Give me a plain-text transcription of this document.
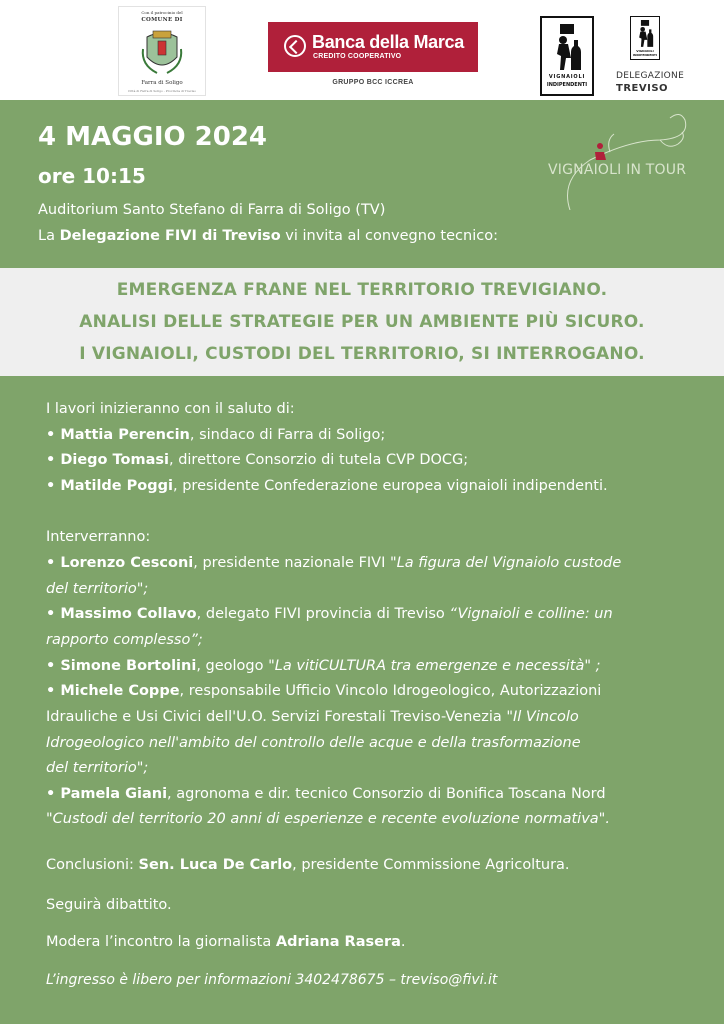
Con il patrocinio del
COMUNE DI
Farra di Soligo
Città di Farra di Soligo - Provincia di Treviso
Banca della Marca
CREDITO COOPERATIVO
GRUPPO BCC ICCREA
VIGNAIOLI
INDIPENDENTI
VIGNAIOLI
INDIPENDENTI
DELEGAZIONE
TREVISO
4 MAGGIO 2024
ore 10:15
Auditorium Santo Stefano di Farra di Soligo (TV)
La Delegazione FIVI di Treviso vi invita al convegno tecnico:
VIGNAIOLI IN TOUR
EMERGENZA FRANE NEL TERRITORIO TREVIGIANO.
ANALISI DELLE STRATEGIE PER UN AMBIENTE PIÙ SICURO.
I VIGNAIOLI, CUSTODI DEL TERRITORIO, SI INTERROGANO.
I lavori inizieranno con il saluto di:
• Mattia Perencin, sindaco di Farra di Soligo;
• Diego Tomasi, direttore Consorzio di tutela CVP DOCG;
• Matilde Poggi, presidente Confederazione europea vignaioli indipendenti.
Interverranno:
• Lorenzo Cesconi, presidente nazionale FIVI "La figura del Vignaiolo custode
del territorio";
• Massimo Collavo, delegato FIVI provincia di Treviso “Vignaioli e colline: un
rapporto complesso”;
• Simone Bortolini, geologo "La vitiCULTURA tra emergenze e necessità" ;
• Michele Coppe, responsabile Ufficio Vincolo Idrogeologico, Autorizzazioni
Idrauliche e Usi Civici dell'U.O. Servizi Forestali Treviso-Venezia "Il Vincolo
Idrogeologico nell'ambito del controllo delle acque e della trasformazione
del territorio";
• Pamela Giani, agronoma e dir. tecnico Consorzio di Bonifica Toscana Nord
"Custodi del territorio 20 anni di esperienze e recente evoluzione normativa".
Conclusioni: Sen. Luca De Carlo, presidente Commissione Agricoltura.
Seguirà dibattito.
Modera l’incontro la giornalista Adriana Rasera.
L’ingresso è libero per informazioni 3402478675 – treviso@fivi.it
